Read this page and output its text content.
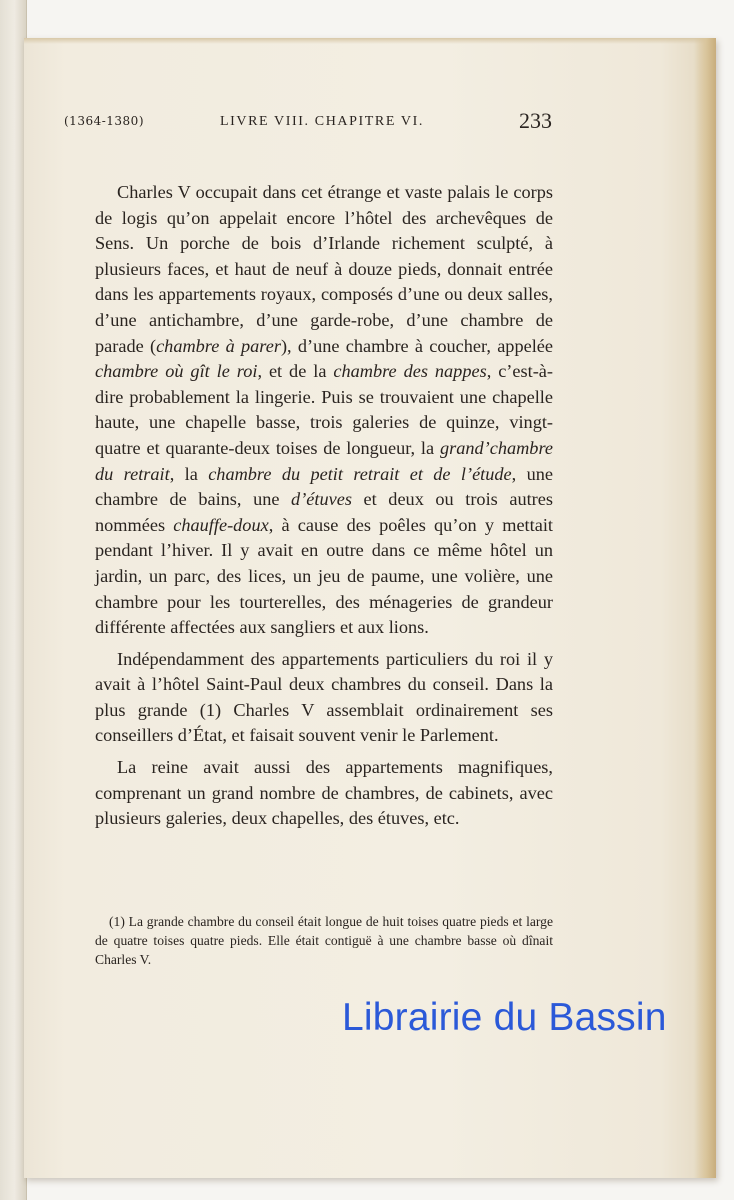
(1364-1380)	LIVRE VIII. CHAPITRE VI.	233

Charles V occupait dans cet étrange et vaste palais le corps de logis qu’on appelait encore l’hôtel des archevêques de Sens. Un porche de bois d’Irlande richement sculpté, à plusieurs faces, et haut de neuf à douze pieds, donnait entrée dans les appartements royaux, composés d’une ou deux salles, d’une antichambre, d’une garde-robe, d’une chambre de parade (chambre à parer), d’une chambre à coucher, appelée chambre où gît le roi, et de la chambre des nappes, c’est-à-dire probablement la lingerie. Puis se trouvaient une chapelle haute, une chapelle basse, trois galeries de quinze, vingt-quatre et quarante-deux toises de longueur, la grand’chambre du retrait, la chambre du petit retrait et de l’étude, une chambre de bains, une d’étuves et deux ou trois autres nommées chauffe-doux, à cause des poêles qu’on y mettait pendant l’hiver. Il y avait en outre dans ce même hôtel un jardin, un parc, des lices, un jeu de paume, une volière, une chambre pour les tourterelles, des ménageries de grandeur différente affectées aux sangliers et aux lions.

Indépendamment des appartements particuliers du roi il y avait à l’hôtel Saint-Paul deux chambres du conseil. Dans la plus grande (1) Charles V assemblait ordinairement ses conseillers d’État, et faisait souvent venir le Parlement.

La reine avait aussi des appartements magnifiques, comprenant un grand nombre de chambres, de cabinets, avec plusieurs galeries, deux chapelles, des étuves, etc.

(1) La grande chambre du conseil était longue de huit toises quatre pieds et large de quatre toises quatre pieds. Elle était contiguë à une chambre basse où dînait Charles V.

Librairie du Bassin
